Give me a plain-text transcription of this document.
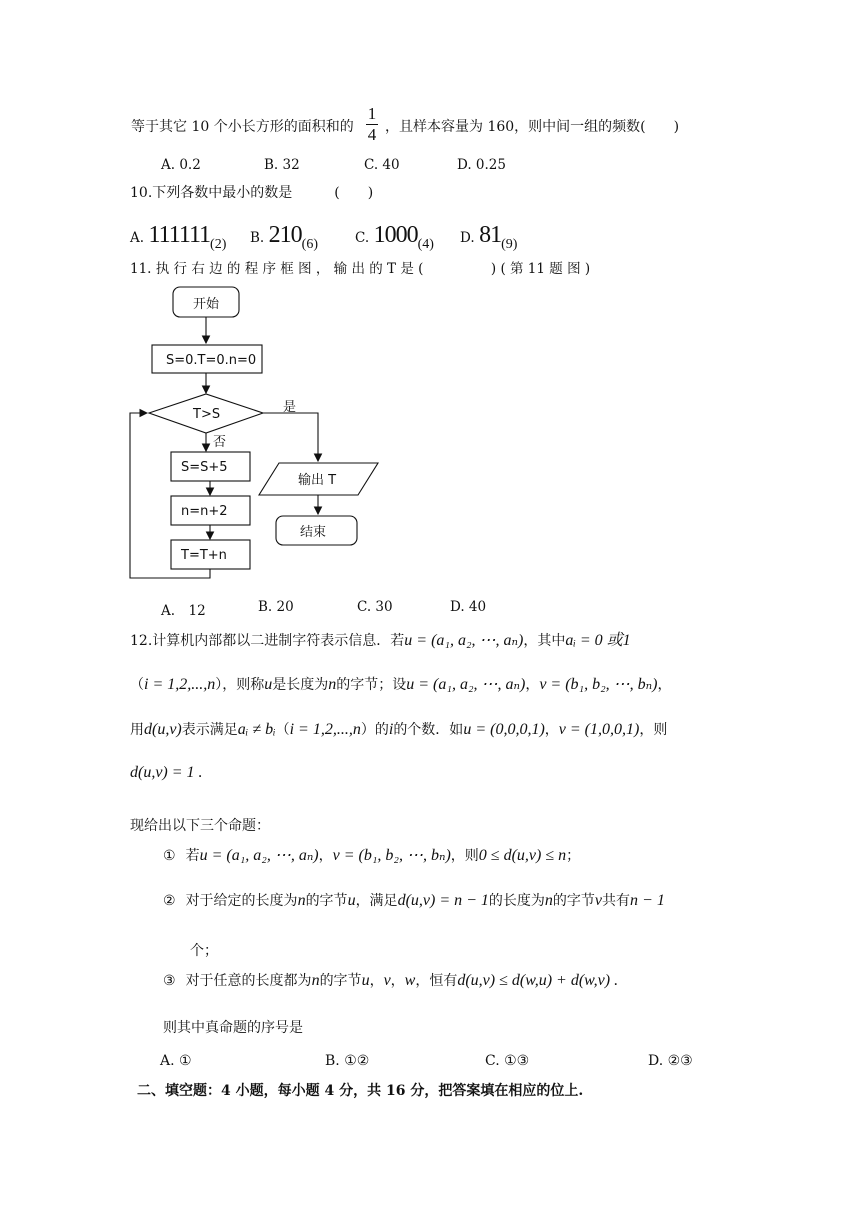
等于其它 10 个小长方形的面积和的
1
4 ，且样本容量为 160，则中间一组的频数(　　)
A. 0.2	B. 32	C. 40	D. 0.25
10.下列各数中最小的数是　　　(　　)
A. 111111(2) B. 210(6)	C. 1000(4) D. 81(9)
11. 执 行 右 边 的 程 序 框 图 ， 输 出 的 T 是 (　　　　　) ( 第 11 题 图 )
开始
S=0.T=0.n=0
T>S	是
否
S=S+5
n=n+2
T=T+n
输出 T
结束
A.　12	B. 20	C. 30	D. 40
12.计算机内部都以二进制字符表示信息．若u = (a₁, a₂, ⋯, aₙ)，其中aᵢ = 0 或1
（i = 1,2,...,n），则称u是长度为n的字节；设u = (a₁, a₂, ⋯, aₙ)，v = (b₁, b₂, ⋯, bₙ)，
用d(u,v)表示满足aᵢ ≠ bᵢ（i = 1,2,...,n）的i的个数．如u = (0,0,0,1)，v = (1,0,0,1)，则
d(u,v) = 1 .
现给出以下三个命题：
① 若u = (a₁, a₂, ⋯, aₙ)，v = (b₁, b₂, ⋯, bₙ)，则0 ≤ d(u,v) ≤ n；
② 对于给定的长度为n的字节u，满足d(u,v) = n − 1的长度为n的字节v共有n − 1
个；
③ 对于任意的长度都为n的字节u，v，w，恒有d(u,v) ≤ d(w,u) + d(w,v) .
则其中真命题的序号是
A. ①	B. ①②	C. ①③	D. ②③
二、填空题：4 小题，每小题 4 分，共 16 分，把答案填在相应的位上.
